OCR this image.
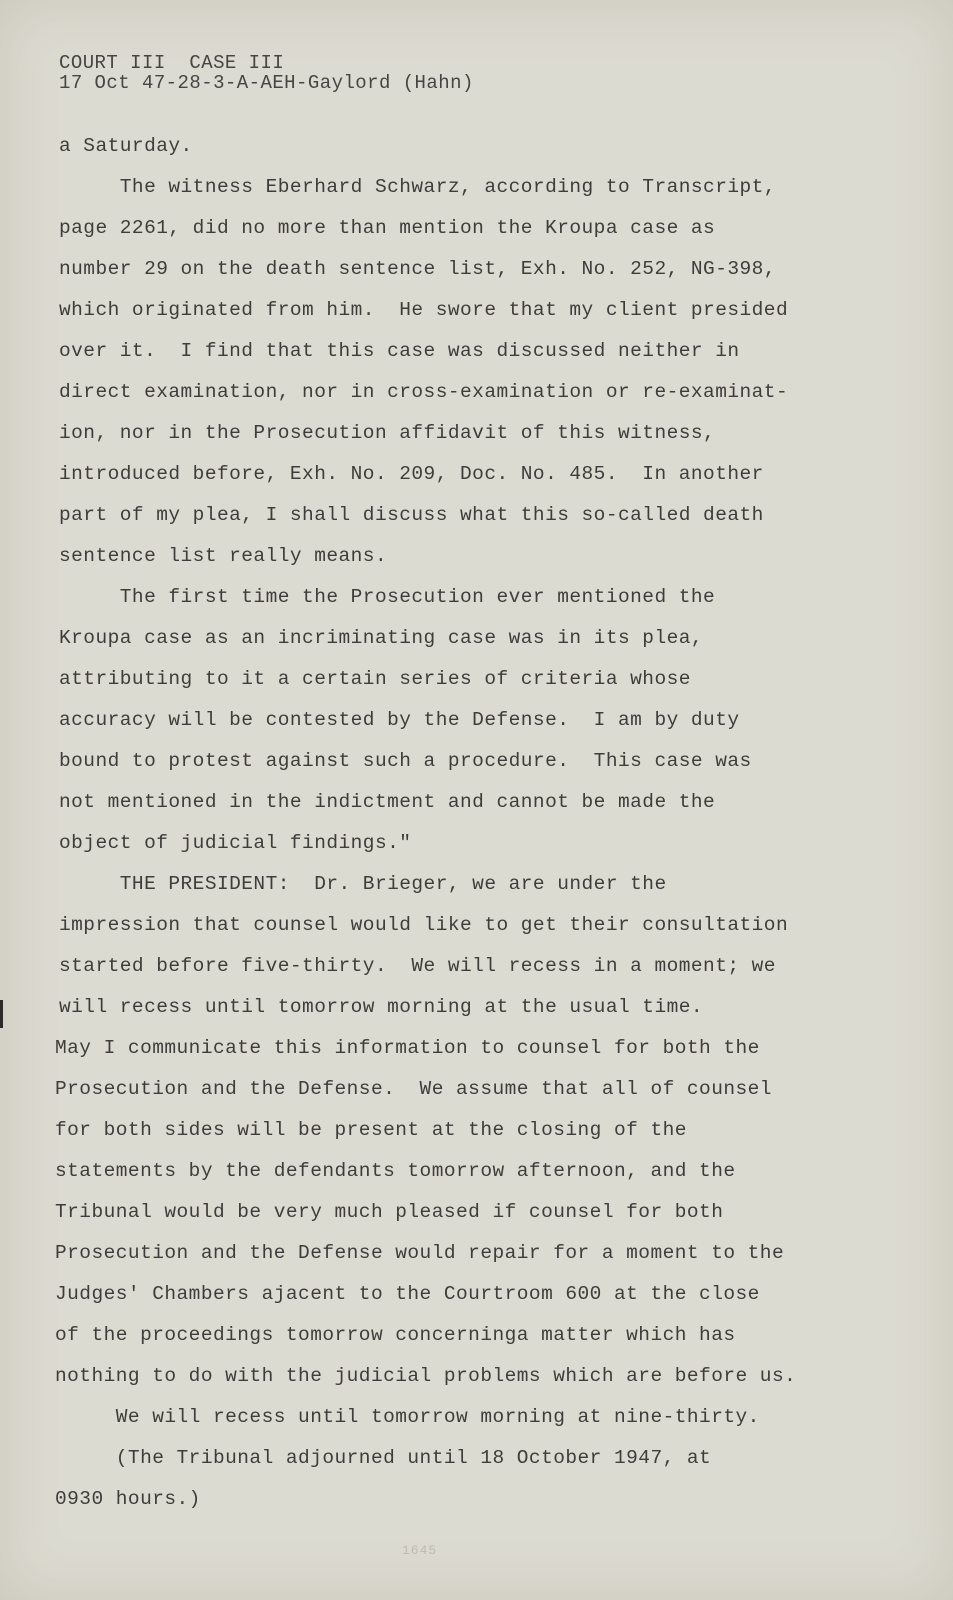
COURT III  CASE III
17 Oct 47-28-3-A-AEH-Gaylord (Hahn)
a Saturday.
The witness Eberhard Schwarz, according to Transcript,
page 2261, did no more than mention the Kroupa case as
number 29 on the death sentence list, Exh. No. 252, NG-398,
which originated from him.  He swore that my client presided
over it.  I find that this case was discussed neither in
direct examination, nor in cross-examination or re-examinat-
ion, nor in the Prosecution affidavit of this witness,
introduced before, Exh. No. 209, Doc. No. 485.  In another
part of my plea, I shall discuss what this so-called death
sentence list really means.
The first time the Prosecution ever mentioned the
Kroupa case as an incriminating case was in its plea,
attributing to it a certain series of criteria whose
accuracy will be contested by the Defense.  I am by duty
bound to protest against such a procedure.  This case was
not mentioned in the indictment and cannot be made the
object of judicial findings."
THE PRESIDENT:  Dr. Brieger, we are under the
impression that counsel would like to get their consultation
started before five-thirty.  We will recess in a moment; we
will recess until tomorrow morning at the usual time.
May I communicate this information to counsel for both the
Prosecution and the Defense.  We assume that all of counsel
for both sides will be present at the closing of the
statements by the defendants tomorrow afternoon, and the
Tribunal would be very much pleased if counsel for both
Prosecution and the Defense would repair for a moment to the
Judges' Chambers ajacent to the Courtroom 600 at the close
of the proceedings tomorrow concerninga matter which has
nothing to do with the judicial problems which are before us.
We will recess until tomorrow morning at nine-thirty.
(The Tribunal adjourned until 18 October 1947, at
0930 hours.)
1645
